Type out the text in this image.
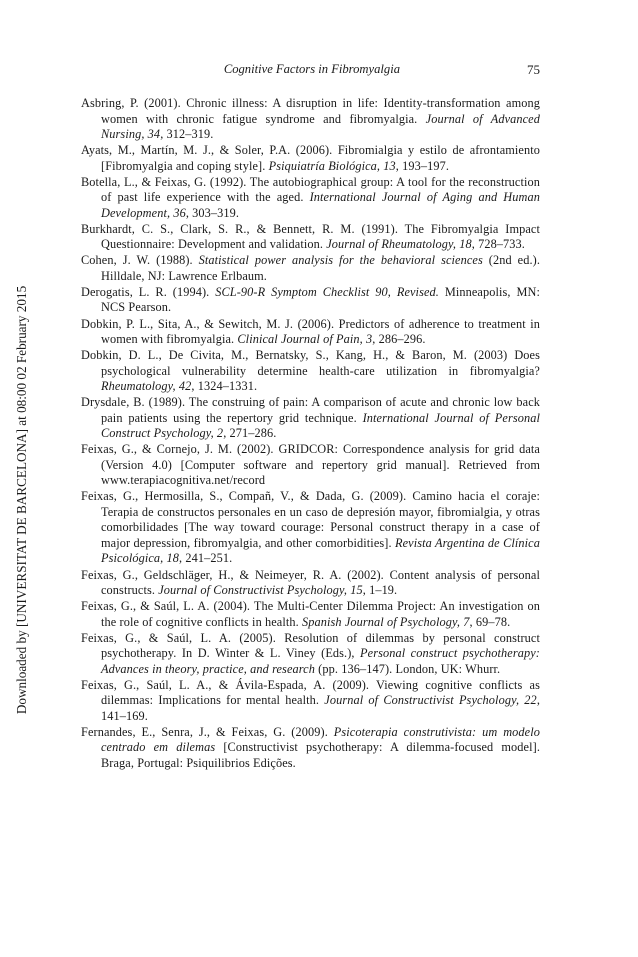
Downloaded by [UNIVERSITAT DE BARCELONA] at 08:00 02 February 2015
Cognitive Factors in Fibromyalgia	75

Asbring, P. (2001). Chronic illness: A disruption in life: Identity-transformation among women with chronic fatigue syndrome and fibromyalgia. Journal of Advanced Nursing, 34, 312–319.

Ayats, M., Martín, M. J., & Soler, P.A. (2006). Fibromialgia y estilo de afrontamiento [Fibromyalgia and coping style]. Psiquiatría Biológica, 13, 193–197.

Botella, L., & Feixas, G. (1992). The autobiographical group: A tool for the reconstruction of past life experience with the aged. International Journal of Aging and Human Development, 36, 303–319.

Burkhardt, C. S., Clark, S. R., & Bennett, R. M. (1991). The Fibromyalgia Impact Questionnaire: Development and validation. Journal of Rheumatology, 18, 728–733.

Cohen, J. W. (1988). Statistical power analysis for the behavioral sciences (2nd ed.). Hilldale, NJ: Lawrence Erlbaum.

Derogatis, L. R. (1994). SCL-90-R Symptom Checklist 90, Revised. Minneapolis, MN: NCS Pearson.

Dobkin, P. L., Sita, A., & Sewitch, M. J. (2006). Predictors of adherence to treatment in women with fibromyalgia. Clinical Journal of Pain, 3, 286–296.

Dobkin, D. L., De Civita, M., Bernatsky, S., Kang, H., & Baron, M. (2003) Does psychological vulnerability determine health-care utilization in fibromyalgia? Rheumatology, 42, 1324–1331.

Drysdale, B. (1989). The construing of pain: A comparison of acute and chronic low back pain patients using the repertory grid technique. International Journal of Personal Construct Psychology, 2, 271–286.

Feixas, G., & Cornejo, J. M. (2002). GRIDCOR: Correspondence analysis for grid data (Version 4.0) [Computer software and repertory grid manual]. Retrieved from www.terapiacognitiva.net/record

Feixas, G., Hermosilla, S., Compañ, V., & Dada, G. (2009). Camino hacia el coraje: Terapia de constructos personales en un caso de depresión mayor, fibromialgia, y otras comorbilidades [The way toward courage: Personal construct therapy in a case of major depression, fibromyalgia, and other comorbidities]. Revista Argentina de Clínica Psicológica, 18, 241–251.

Feixas, G., Geldschläger, H., & Neimeyer, R. A. (2002). Content analysis of personal constructs. Journal of Constructivist Psychology, 15, 1–19.

Feixas, G., & Saúl, L. A. (2004). The Multi-Center Dilemma Project: An investigation on the role of cognitive conflicts in health. Spanish Journal of Psychology, 7, 69–78.

Feixas, G., & Saúl, L. A. (2005). Resolution of dilemmas by personal construct psychotherapy. In D. Winter & L. Viney (Eds.), Personal construct psychotherapy: Advances in theory, practice, and research (pp. 136–147). London, UK: Whurr.

Feixas, G., Saúl, L. A., & Ávila-Espada, A. (2009). Viewing cognitive conflicts as dilemmas: Implications for mental health. Journal of Constructivist Psychology, 22, 141–169.

Fernandes, E., Senra, J., & Feixas, G. (2009). Psicoterapia construtivista: um modelo centrado em dilemas [Constructivist psychotherapy: A dilemma-focused model]. Braga, Portugal: Psiquilibrios Edições.
